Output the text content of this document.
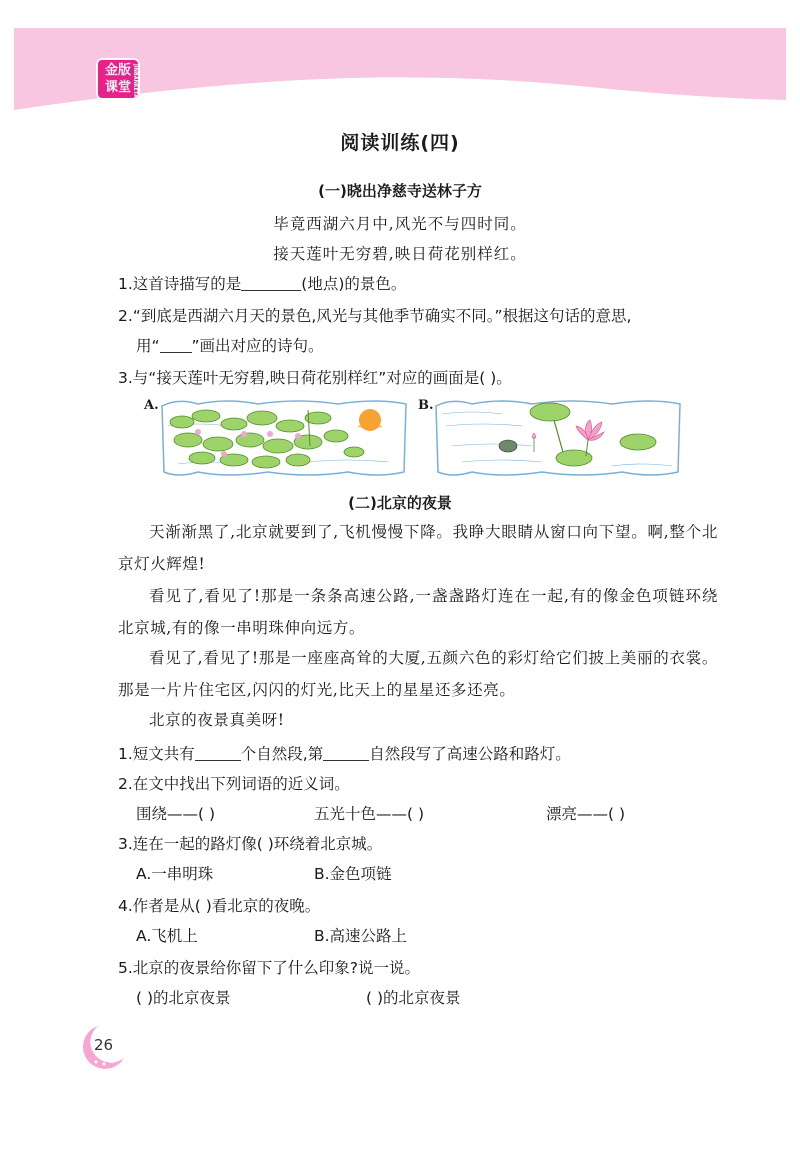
金版
课堂 JINBANKETANG
阅读训练(四)
(一)晓出净慈寺送林子方
毕竟西湖六月中,风光不与四时同。
接天莲叶无穷碧,映日荷花别样红。
1.这首诗描写的是	(地点)的景色。
2.“到底是西湖六月天的景色,风光与其他季节确实不同。”根据这句话的意思,
用“ ”画出对应的诗句。
3.与“接天莲叶无穷碧,映日荷花别样红”对应的画面是( )。
A.	B.
(二)北京的夜景
天渐渐黑了,北京就要到了,飞机慢慢下降。我睁大眼睛从窗口向下望。啊,整个北京灯火辉煌!
看见了,看见了!那是一条条高速公路,一盏盏路灯连在一起,有的像金色项链环绕北京城,有的像一串明珠伸向远方。
看见了,看见了!那是一座座高耸的大厦,五颜六色的彩灯给它们披上美丽的衣裳。那是一片片住宅区,闪闪的灯光,比天上的星星还多还亮。
北京的夜景真美呀!
1.短文共有	个自然段,第	自然段写了高速公路和路灯。
2.在文中找出下列词语的近义词。
围绕——( )	五光十色——( )	漂亮——( )
3.连在一起的路灯像( )环绕着北京城。
A.一串明珠	B.金色项链
4.作者是从( )看北京的夜晚。
A.飞机上	B.高速公路上
5.北京的夜景给你留下了什么印象?说一说。
( )的北京夜景	( )的北京夜景
26
